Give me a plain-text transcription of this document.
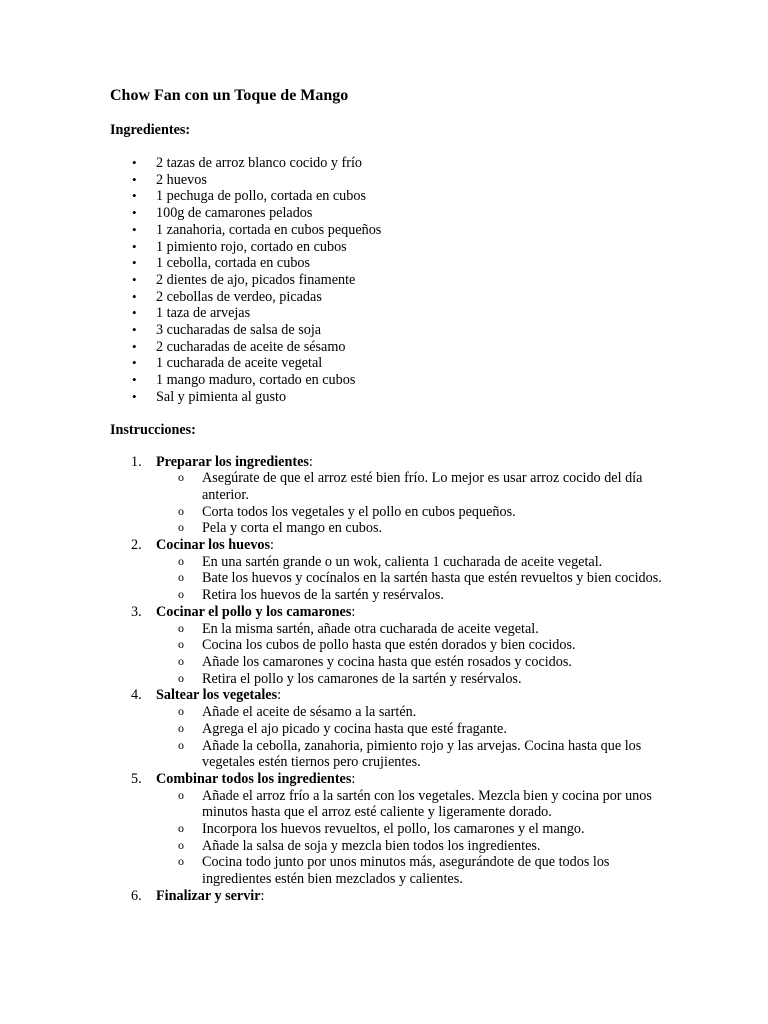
Chow Fan con un Toque de Mango
Ingredientes:
• 2 tazas de arroz blanco cocido y frío
• 2 huevos
• 1 pechuga de pollo, cortada en cubos
• 100g de camarones pelados
• 1 zanahoria, cortada en cubos pequeños
• 1 pimiento rojo, cortado en cubos
• 1 cebolla, cortada en cubos
• 2 dientes de ajo, picados finamente
• 2 cebollas de verdeo, picadas
• 1 taza de arvejas
• 3 cucharadas de salsa de soja
• 2 cucharadas de aceite de sésamo
• 1 cucharada de aceite vegetal
• 1 mango maduro, cortado en cubos
• Sal y pimienta al gusto
Instrucciones:
1. Preparar los ingredientes:
o Asegúrate de que el arroz esté bien frío. Lo mejor es usar arroz cocido del día anterior.
o Corta todos los vegetales y el pollo en cubos pequeños.
o Pela y corta el mango en cubos.
2. Cocinar los huevos:
o En una sartén grande o un wok, calienta 1 cucharada de aceite vegetal.
o Bate los huevos y cocínalos en la sartén hasta que estén revueltos y bien cocidos.
o Retira los huevos de la sartén y resérvalos.
3. Cocinar el pollo y los camarones:
o En la misma sartén, añade otra cucharada de aceite vegetal.
o Cocina los cubos de pollo hasta que estén dorados y bien cocidos.
o Añade los camarones y cocina hasta que estén rosados y cocidos.
o Retira el pollo y los camarones de la sartén y resérvalos.
4. Saltear los vegetales:
o Añade el aceite de sésamo a la sartén.
o Agrega el ajo picado y cocina hasta que esté fragante.
o Añade la cebolla, zanahoria, pimiento rojo y las arvejas. Cocina hasta que los vegetales estén tiernos pero crujientes.
5. Combinar todos los ingredientes:
o Añade el arroz frío a la sartén con los vegetales. Mezcla bien y cocina por unos minutos hasta que el arroz esté caliente y ligeramente dorado.
o Incorpora los huevos revueltos, el pollo, los camarones y el mango.
o Añade la salsa de soja y mezcla bien todos los ingredientes.
o Cocina todo junto por unos minutos más, asegurándote de que todos los ingredientes estén bien mezclados y calientes.
6. Finalizar y servir:
